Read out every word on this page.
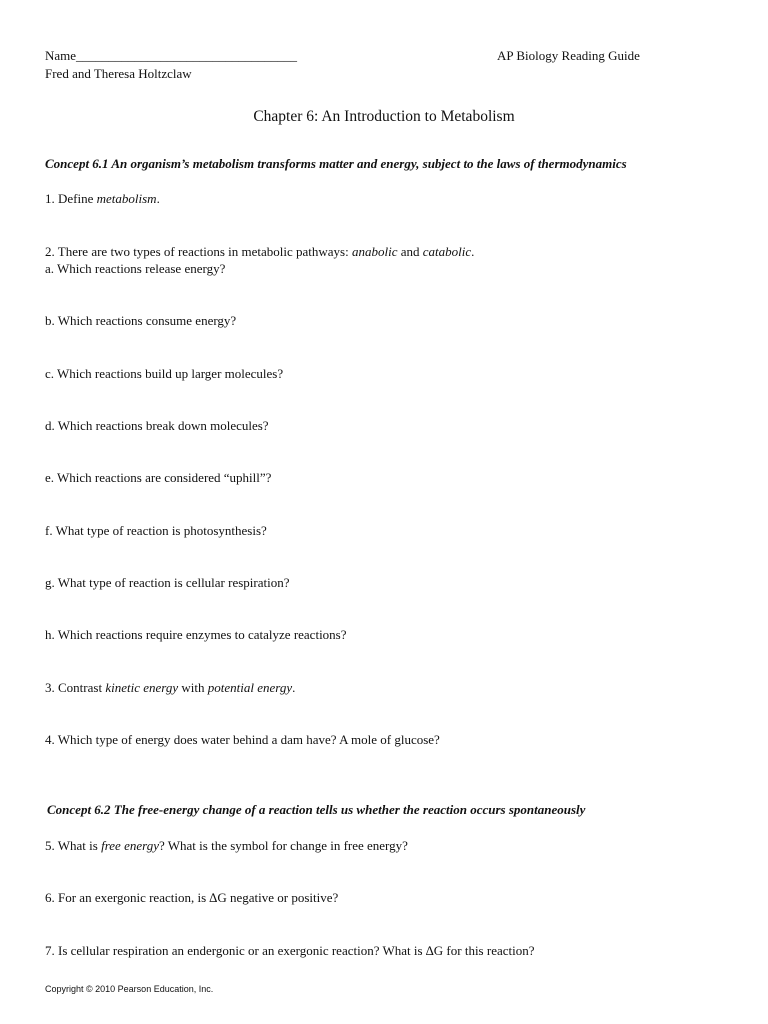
Name__________________________________	AP Biology Reading Guide
Fred and Theresa Holtzclaw
Chapter 6: An Introduction to Metabolism
Concept 6.1 An organism’s metabolism transforms matter and energy, subject to the laws of thermodynamics
1. Define metabolism.
2. There are two types of reactions in metabolic pathways: anabolic and catabolic.
a. Which reactions release energy?
b. Which reactions consume energy?
c. Which reactions build up larger molecules?
d. Which reactions break down molecules?
e. Which reactions are considered “uphill”?
f. What type of reaction is photosynthesis?
g. What type of reaction is cellular respiration?
h. Which reactions require enzymes to catalyze reactions?
3. Contrast kinetic energy with potential energy.
4. Which type of energy does water behind a dam have? A mole of glucose?
Concept 6.2 The free-energy change of a reaction tells us whether the reaction occurs spontaneously
5. What is free energy? What is the symbol for change in free energy?
6. For an exergonic reaction, is ∆G negative or positive?
7. Is cellular respiration an endergonic or an exergonic reaction? What is ∆G for this reaction?
Copyright © 2010 Pearson Education, Inc.
